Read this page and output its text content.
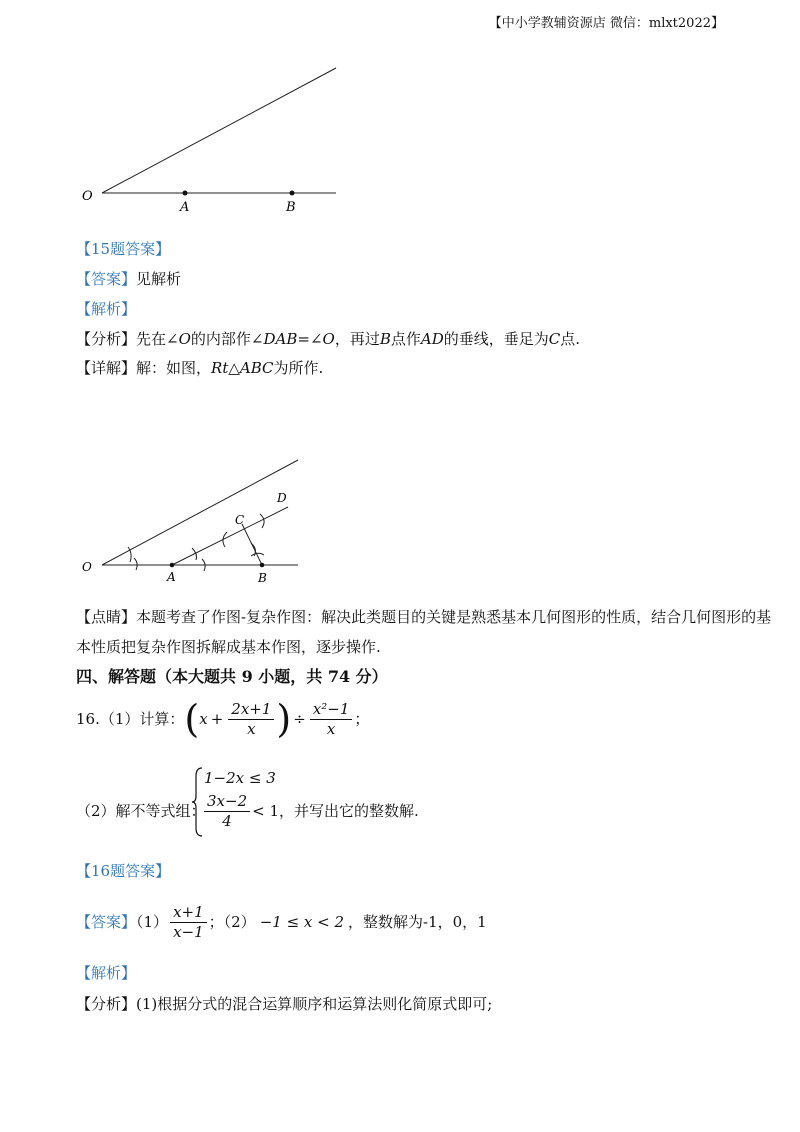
【中小学教辅资源店 微信：mlxt2022】
O
A	B
【15题答案】
【答案】见解析
【解析】
【分析】先在∠O的内部作∠DAB=∠O，再过B点作AD的垂线，垂足为C点.
【详解】解：如图，Rt△ABC为所作.
O
A	B
C
D
【点睛】本题考查了作图-复杂作图：解决此类题目的关键是熟悉基本几何图形的性质，结合几何图形的基
本性质把复杂作图拆解成基本作图，逐步操作.
四、解答题（本大题共 9 小题，共 74 分）
16.（1）计算：($x + \frac{2x+1}{x}$ ) ÷ $\frac{\text{x²−1}}{x}$ ；
（2）解不等式组：
1−2x ≤ 3
$\frac{3x-2}{4} < 1$，并写出它的整数解.
【16题答案】
【答案】$(1) \frac{x+1}{x-1}$ ；（2） −1 ≤ x < 2 ，整数解为-1，0，1
【解析】
【分析】(1)根据分式的混合运算顺序和运算法则化简原式即可;
